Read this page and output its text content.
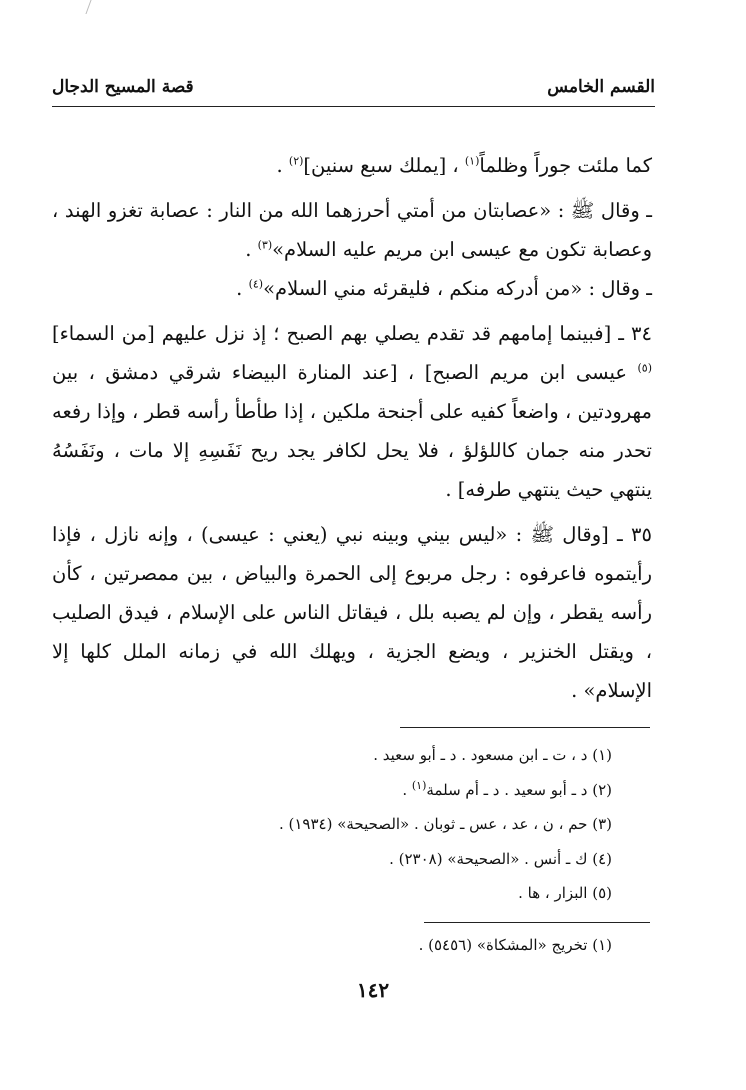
القسم الخامس
قصة المسيح الدجال

كما ملئت جوراً وظلماً$^{(١)}$ ، [يملك سبع سنين]$^{(٢)}$ .

ـ وقال ﷺ : «عصابتان من أمتي أحرزهما الله من النار : عصابة تغزو الهند ، وعصابة تكون مع عيسى ابن مريم عليه السلام»$^{(٣)}$ .

ـ وقال : «من أدركه منكم ، فليقرئه مني السلام»$^{(٤)}$ .

٣٤ ـ [فبينما إمامهم قد تقدم يصلي بهم الصبح ؛ إذ نزل عليهم [من السماء]$^{(٥)}$ عيسى ابن مريم الصبح] ، [عند المنارة البيضاء شرقي دمشق ، بين مهرودتين ، واضعاً كفيه على أجنحة ملكين ، إذا طأطأ رأسه قطر ، وإذا رفعه تحدر منه جمان كاللؤلؤ ، فلا يحل لكافر يجد ريح نَفَسِهِ إلا مات ، ونَفَسُهُ ينتهي حيث ينتهي طرفه] .

٣٥ ـ [وقال ﷺ : «ليس بيني وبينه نبي (يعني : عيسى) ، وإنه نازل ، فإذا رأيتموه فاعرفوه : رجل مربوع إلى الحمرة والبياض ، بين ممصرتين ، كأن رأسه يقطر ، وإن لم يصبه بلل ، فيقاتل الناس على الإسلام ، فيدق الصليب ، ويقتل الخنزير ، ويضع الجزية ، ويهلك الله في زمانه الملل كلها إلا الإسلام» .

(١) د ، ت ـ ابن مسعود . د ـ أبو سعيد .
(٢) د ـ أبو سعيد . د ـ أم سلمة$^{(١)}$ .
(٣) حم ، ن ، عد ، عس ـ ثوبان . «الصحيحة» (١٩٣٤) .
(٤) ك ـ أنس . «الصحيحة» (٢٣٠٨) .
(٥) البزار ، ها .
(١) تخريج «المشكاة» (٥٤٥٦) .
١٤٢
